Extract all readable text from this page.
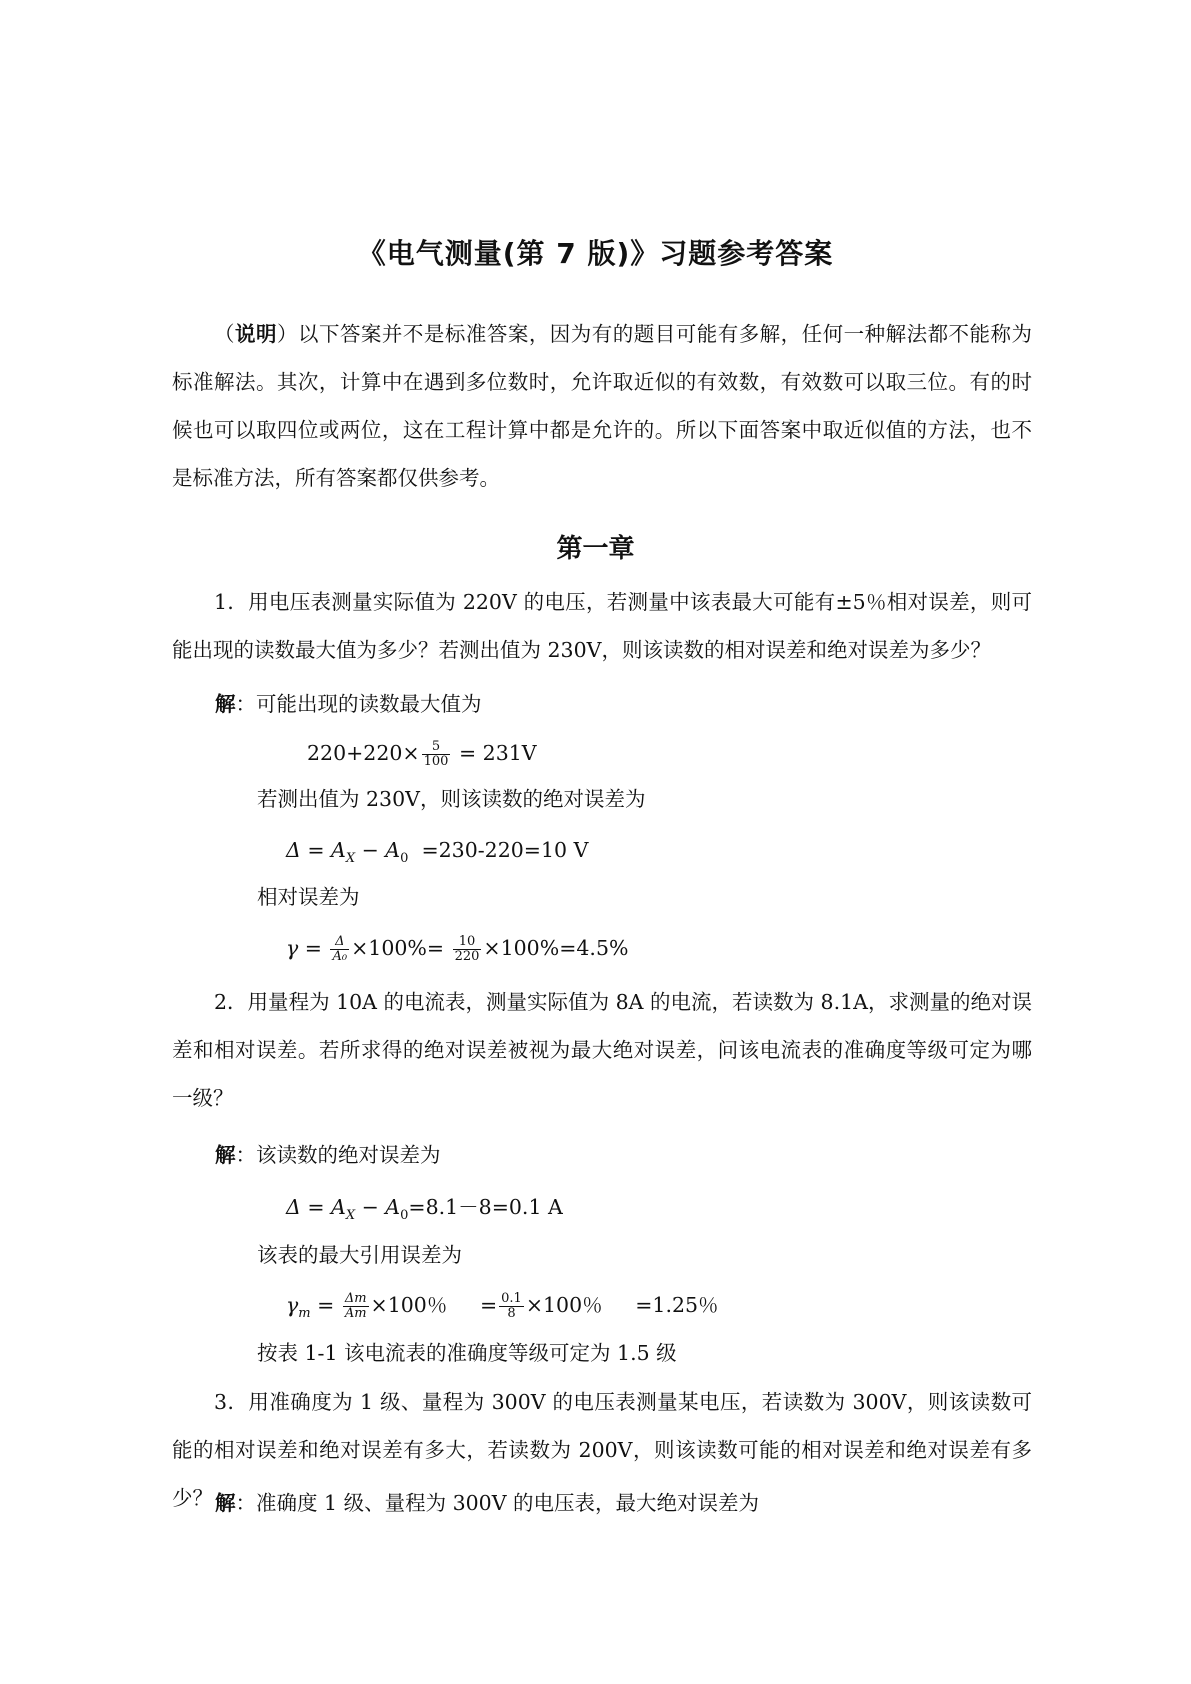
《电气测量(第 7 版)》习题参考答案

（说明）以下答案并不是标准答案，因为有的题目可能有多解，任何一种解法都不能称为标准解法。其次，计算中在遇到多位数时，允许取近似的有效数，有效数可以取三位。有的时候也可以取四位或两位，这在工程计算中都是允许的。所以下面答案中取近似值的方法，也不是标准方法，所有答案都仅供参考。

第一章

1．用电压表测量实际值为 220V 的电压，若测量中该表最大可能有±5％相对误差，则可能出现的读数最大值为多少？若测出值为 230V，则该读数的相对误差和绝对误差为多少？

解：可能出现的读数最大值为
$220+220\times \frac{5}{100} = 231V$
若测出值为 230V，则该读数的绝对误差为
$\Delta = A_X - A_0 =230-220=10$ V
相对误差为
$\gamma = \frac{\Delta}{\text{A₀}} \times 100\%= \frac{10}{220} \times 100\%=4.5\%$

2．用量程为 10A 的电流表，测量实际值为 8A 的电流，若读数为 8.1A，求测量的绝对误差和相对误差。若所求得的绝对误差被视为最大绝对误差，问该电流表的准确度等级可定为哪一级？

解：该读数的绝对误差为
$\Delta = A_X - A_0=8.1-8=0.1$ A
该表的最大引用误差为
$\gamma_m = \frac{\Delta m}{Am} \times 100$％ = $\frac{0.1}{8} \times 100$％ =1.25％
按表 1-1 该电流表的准确度等级可定为 1.5 级

3．用准确度为 1 级、量程为 300V 的电压表测量某电压，若读数为 300V，则该读数可能的相对误差和绝对误差有多大，若读数为 200V，则该读数可能的相对误差和绝对误差有多少？ 解：准确度 1 级、量程为 300V 的电压表，最大绝对误差为
